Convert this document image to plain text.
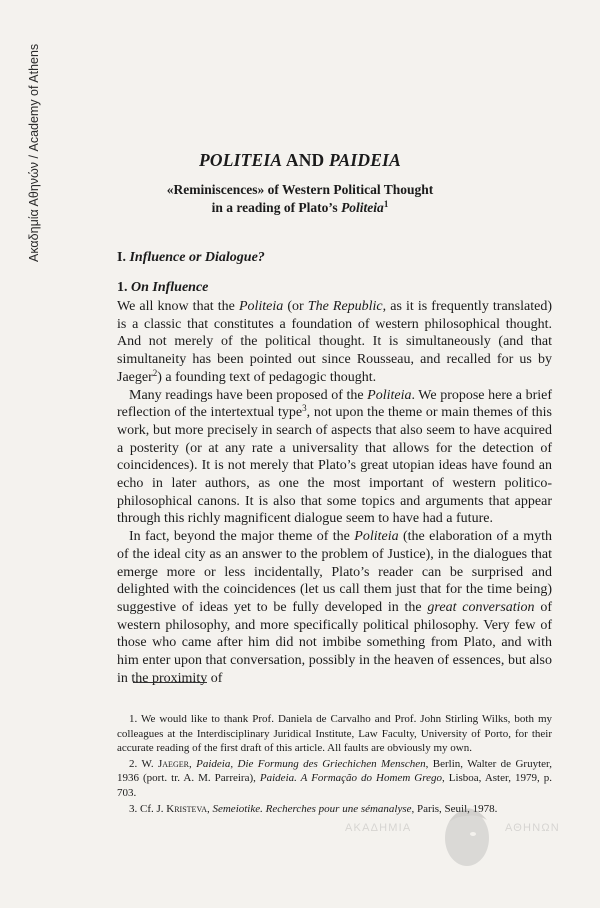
Ακαδημία Αθηνών / Academy of Athens	POLITEIA AND PAIDEIA
«Reminiscences» of Western Political Thought
in a reading of Plato’s Politeia$^1$
I. Influence or Dialogue?
1. On Influence

We all know that the Politeia (or The Republic, as it is frequently translated) is a classic that constitutes a foundation of western philosophical thought. And not merely of the political thought. It is simultaneously (and that simultaneity has been pointed out since Rousseau, and recalled for us by Jaeger$^2$) a founding text of pedagogic thought.

Many readings have been proposed of the Politeia. We propose here a brief reflection of the intertextual type$^3$, not upon the theme or main themes of this work, but more precisely in search of aspects that also seem to have acquired a posterity (or at any rate a universality that allows for the detection of coincidences). It is not merely that Plato’s great utopian ideas have found an echo in later authors, as one the most important of western politico-philosophical canons. It is also that some topics and arguments that appear through this richly magnificent dialogue seem to have had a future.

In fact, beyond the major theme of the Politeia (the elaboration of a myth of the ideal city as an answer to the problem of Justice), in the dialogues that emerge more or less incidentally, Plato’s reader can be surprised and delighted with the coincidences (let us call them just that for the time being) suggestive of ideas yet to be fully developed in the great conversation of western philosophy, and more specifically political philosophy. Very few of those who came after him did not imbibe something from Plato, and with him enter upon that conversation, possibly in the heaven of essences, but also in the proximity of

1. We would like to thank Prof. Daniela de Carvalho and Prof. John Stirling Wilks, both my colleagues at the Interdisciplinary Juridical Institute, Law Faculty, University of Porto, for their accurate reading of the first draft of this article. All faults are obviously my own.

2. W. Jaeger, Paideia, Die Formung des Griechichen Menschen, Berlin, Walter de Gruyter, 1936 (port. tr. A. M. Parreira), Paideia. A Formação do Homem Grego, Lisboa, Aster, 1979, p. 703.

3. Cf. J. Kristeva, Semeiotike. Recherches pour une sémanalyse, Paris, Seuil, 1978.

ΑΚΑΔΗΜΙΑ	ΑΘΗΝΩΝ
